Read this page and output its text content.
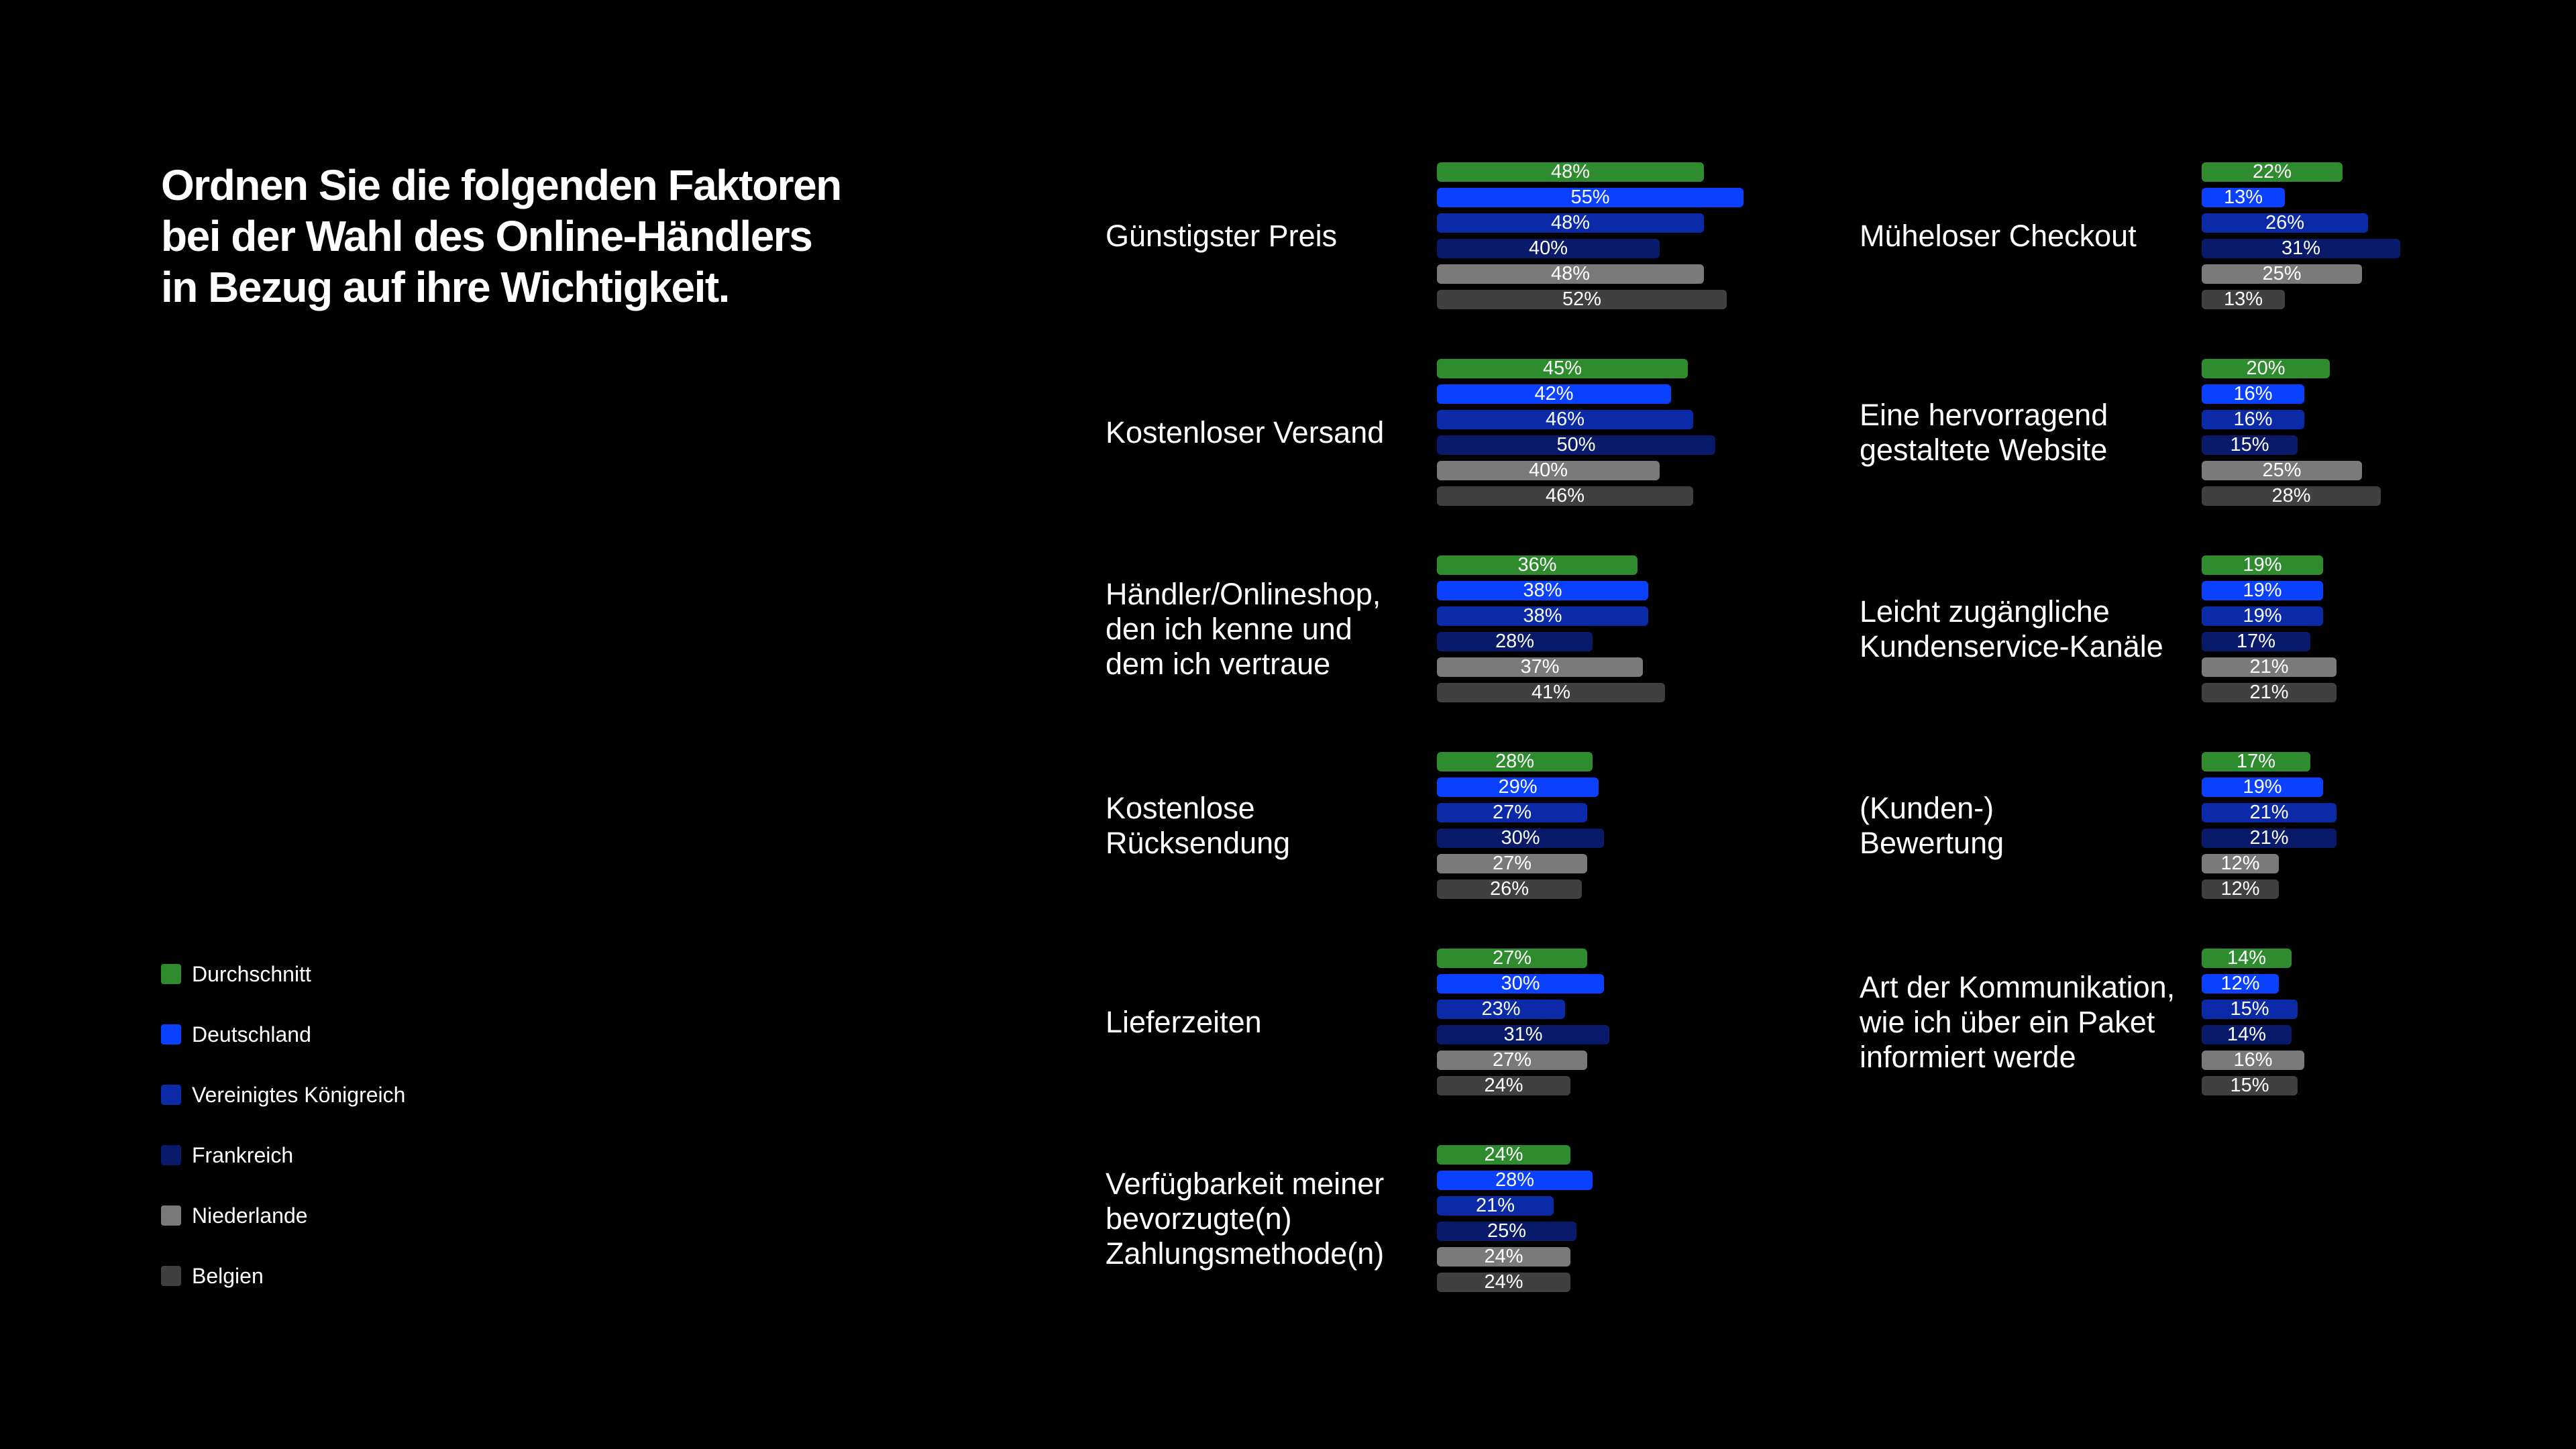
Ordnen Sie die folgenden Faktoren
bei der Wahl des Online-Händlers
in Bezug auf ihre Wichtigkeit.
Durchschnitt
Deutschland
Vereinigtes Königreich
Frankreich
Niederlande
Belgien
Günstigster Preis
48%
55%
48%
40%
48%
52%
Kostenloser Versand
45%
42%
46%
50%
40%
46%
Händler/Onlineshop,
den ich kenne und
dem ich vertraue
36%
38%
38%
28%
37%
41%
Kostenlose
Rücksendung
28%
29%
27%
30%
27%
26%
Lieferzeiten
27%
30%
23%
31%
27%
24%
Verfügbarkeit meiner
bevorzugte(n)
Zahlungsmethode(n)
24%
28%
21%
25%
24%
24%
Müheloser Checkout
22%
13%
26%
31%
25%
13%
Eine hervorragend
gestaltete Website
20%
16%
16%
15%
25%
28%
Leicht zugängliche
Kundenservice-Kanäle
19%
19%
19%
17%
21%
21%
(Kunden-)
Bewertung
17%
19%
21%
21%
12%
12%
Art der Kommunikation,
wie ich über ein Paket
informiert werde
14%
12%
15%
14%
16%
15%
